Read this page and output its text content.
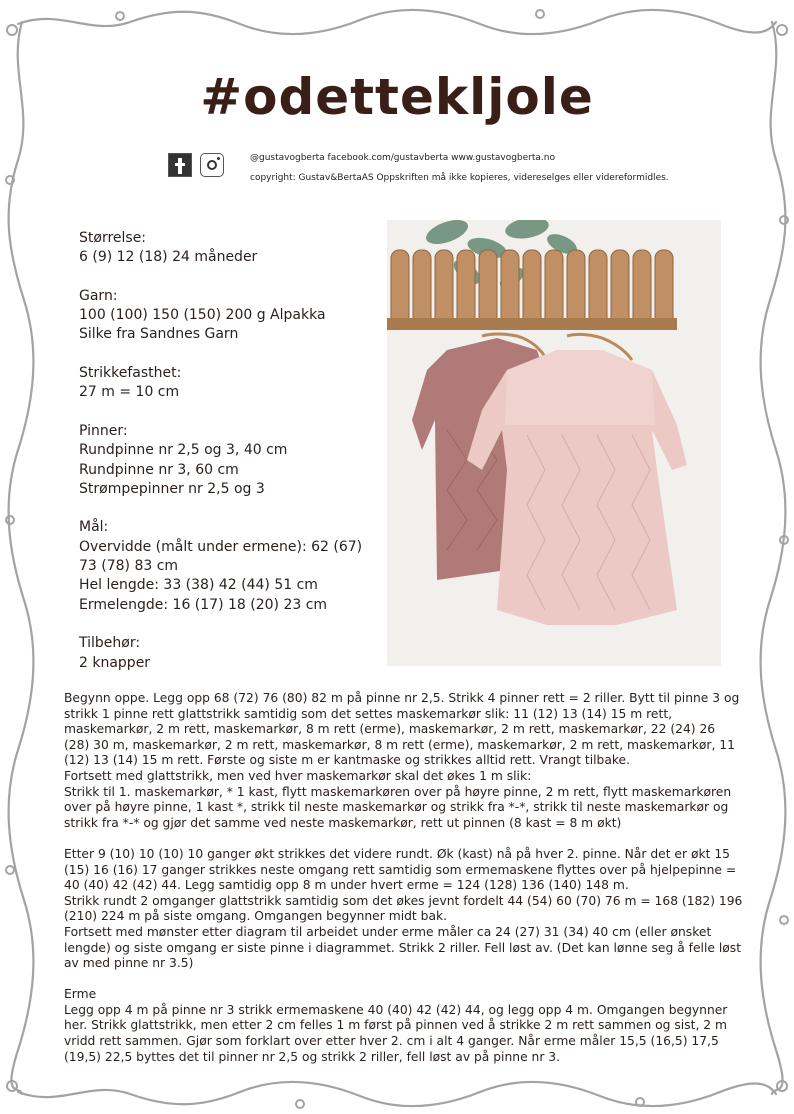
#odettekljole
@gustavogberta facebook.com/gustavberta www.gustavogberta.no
copyright: Gustav&BertaAS Oppskriften må ikke kopieres, videreselges eller videreformidles.

Størrelse:

6 (9) 12 (18) 24 måneder

Garn:

100 (100) 150 (150) 200 g Alpakka

Silke fra Sandnes Garn

Strikkefasthet:

27 m = 10 cm

Pinner:

Rundpinne nr 2,5 og 3, 40 cm

Rundpinne nr 3, 60 cm

Strømpepinner nr 2,5 og 3

Mål:

Overvidde (målt under ermene): 62 (67)

73 (78) 83 cm

Hel lengde: 33 (38) 42 (44) 51 cm

Ermelengde: 16 (17) 18 (20) 23 cm

Tilbehør:

2 knapper

Begynn oppe. Legg opp 68 (72) 76 (80) 82 m på pinne nr 2,5. Strikk 4 pinner rett = 2 riller. Bytt til pinne 3 og strikk 1 pinne rett glattstrikk samtidig som det settes maskemarkør slik: 11 (12) 13 (14) 15 m rett, maskemarkør, 2 m rett, maskemarkør, 8 m rett (erme), maskemarkør, 2 m rett, maskemarkør, 22 (24) 26 (28) 30 m, maskemarkør, 2 m rett, maskemarkør, 8 m rett (erme), maskemarkør, 2 m rett, maskemarkør, 11 (12) 13 (14) 15 m rett. Første og siste m er kantmaske og strikkes alltid rett. Vrangt tilbake.

Fortsett med glattstrikk, men ved hver maskemarkør skal det økes 1 m slik:

Strikk til 1. maskemarkør, * 1 kast, flytt maskemarkøren over på høyre pinne, 2 m rett, flytt maskemarkøren over på høyre pinne, 1 kast *, strikk til neste maskemarkør og strikk fra *-*, strikk til neste maskemarkør og strikk fra *-* og gjør det samme ved neste maskemarkør, rett ut pinnen (8 kast = 8 m økt)

Etter 9 (10) 10 (10) 10 ganger økt strikkes det videre rundt. Øk (kast) nå på hver 2. pinne. Når det er økt 15 (15) 16 (16) 17 ganger strikkes neste omgang rett samtidig som ermemaskene flyttes over på hjelpepinne = 40 (40) 42 (42) 44. Legg samtidig opp 8 m under hvert erme = 124 (128) 136 (140) 148 m.

Strikk rundt 2 omganger glattstrikk samtidig som det økes jevnt fordelt 44 (54) 60 (70) 76 m = 168 (182) 196 (210) 224 m på siste omgang. Omgangen begynner midt bak.

Fortsett med mønster etter diagram til arbeidet under erme måler ca 24 (27) 31 (34) 40 cm (eller ønsket lengde) og siste omgang er siste pinne i diagrammet. Strikk 2 riller. Fell løst av. (Det kan lønne seg å felle løst av med pinne nr 3.5)

Erme

Legg opp 4 m på pinne nr 3 strikk ermemaskene 40 (40) 42 (42) 44, og legg opp 4 m. Omgangen begynner her. Strikk glattstrikk, men etter 2 cm felles 1 m først på pinnen ved å strikke 2 m rett sammen og sist, 2 m vridd rett sammen. Gjør som forklart over etter hver 2. cm i alt 4 ganger. Når erme måler 15,5 (16,5) 17,5 (19,5) 22,5 byttes det til pinner nr 2,5 og strikk 2 riller, fell løst av på pinne nr 3.
